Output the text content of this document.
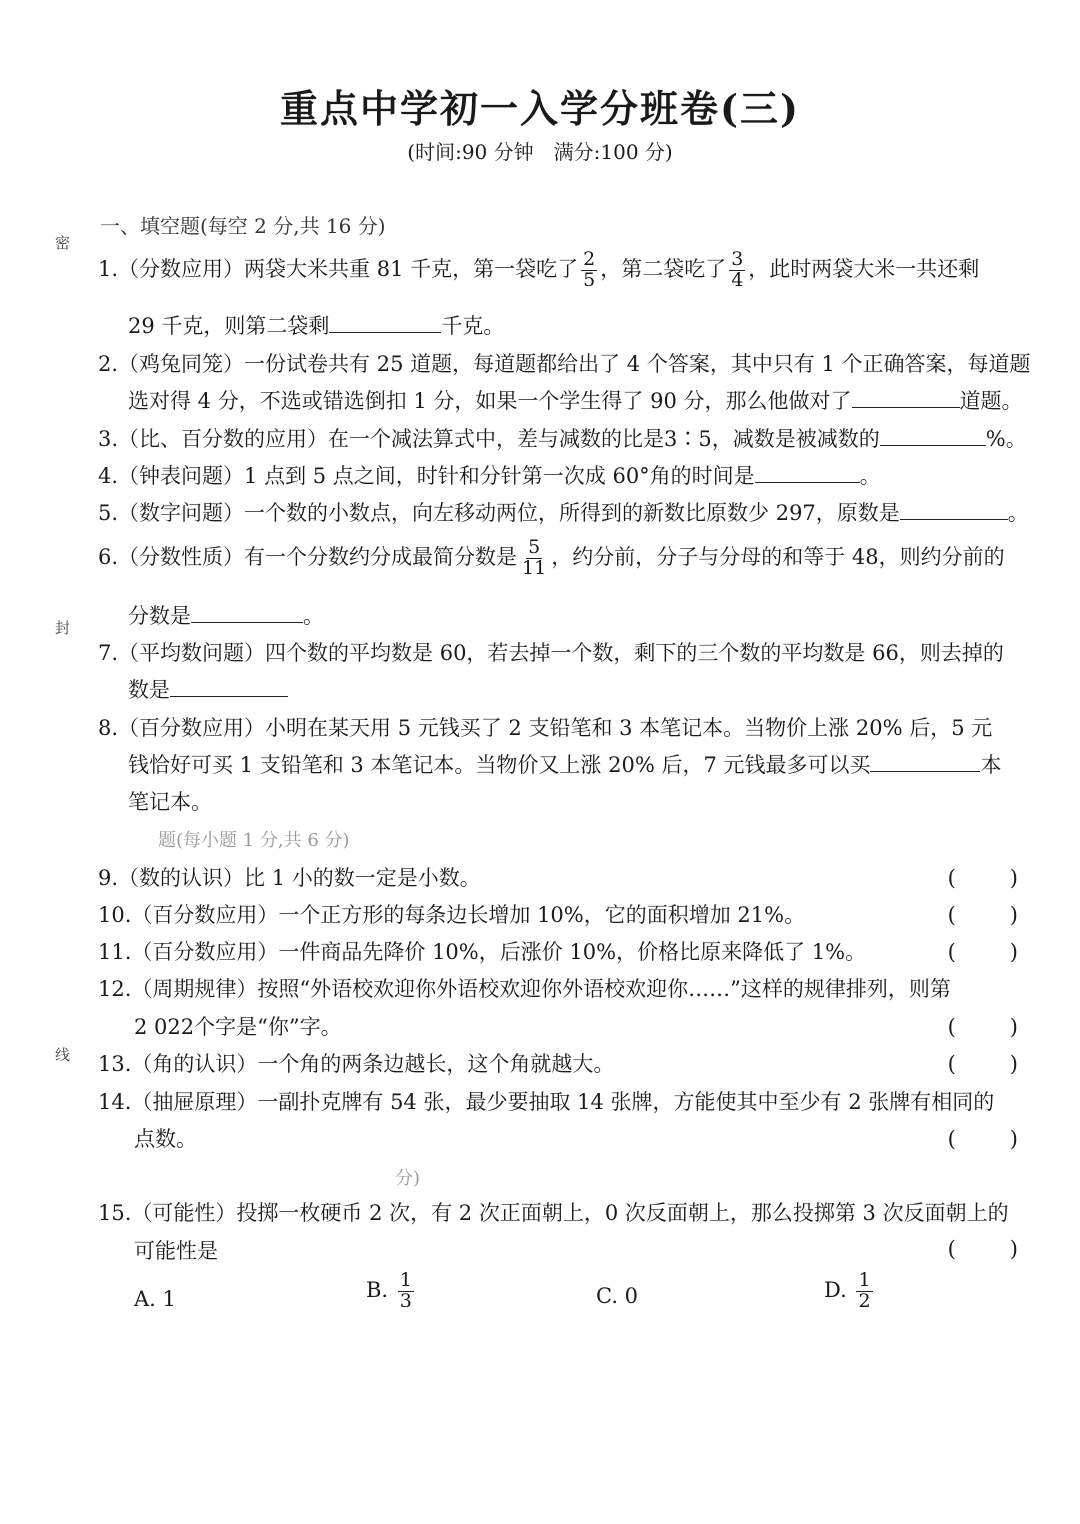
重点中学初一入学分班卷(三)
(时间:90 分钟　满分:100 分)
密
封
线
一、填空题(每空 2 分,共 16 分)
1.（分数应用）两袋大米共重 81 千克，第一袋吃了 $\frac{2}{5}$ ，第二袋吃了 $\frac{3}{4}$ ，此时两袋大米一共还剩
29 千克，则第二袋剩	千克。
2.（鸡兔同笼）一份试卷共有 25 道题，每道题都给出了 4 个答案，其中只有 1 个正确答案，每道题
选对得 4 分，不选或错选倒扣 1 分，如果一个学生得了 90 分，那么他做对了	道题。
3.（比、百分数的应用）在一个减法算式中，差与减数的比是3∶5，减数是被减数的	%。
4.（钟表问题）1 点到 5 点之间，时针和分针第一次成 60°角的时间是	。
5.（数字问题）一个数的小数点，向左移动两位，所得到的新数比原数少 297，原数是	。
6.（分数性质）有一个分数约分成最简分数是 $\frac{5}{11}$ ，约分前，分子与分母的和等于 48，则约分前的
分数是	。
7.（平均数问题）四个数的平均数是 60，若去掉一个数，剩下的三个数的平均数是 66，则去掉的
数是
8.（百分数应用）小明在某天用 5 元钱买了 2 支铅笔和 3 本笔记本。当物价上涨 20% 后，5 元
钱恰好可买 1 支铅笔和 3 本笔记本。当物价又上涨 20% 后，7 元钱最多可以买	本
笔记本。
题(每小题 1 分,共 6 分)
9.（数的认识）比 1 小的数一定是小数。	(　　)
10.（百分数应用）一个正方形的每条边长增加 10%，它的面积增加 21%。	(　　)
11.（百分数应用）一件商品先降价 10%，后涨价 10%，价格比原来降低了 1%。	(　　)
12.（周期规律）按照“外语校欢迎你外语校欢迎你外语校欢迎你……”这样的规律排列，则第
2 022个字是“你”字。	(　　)
13.（角的认识）一个角的两条边越长，这个角就越大。	(　　)
14.（抽屉原理）一副扑克牌有 54 张，最少要抽取 14 张牌，方能使其中至少有 2 张牌有相同的
点数。	(　　)
分)
15.（可能性）投掷一枚硬币 2 次，有 2 次正面朝上，0 次反面朝上，那么投掷第 3 次反面朝上的
可能性是	(　　)
A. 1	B. $\frac{1}{3}$	C. 0	D. $\frac{1}{2}$
